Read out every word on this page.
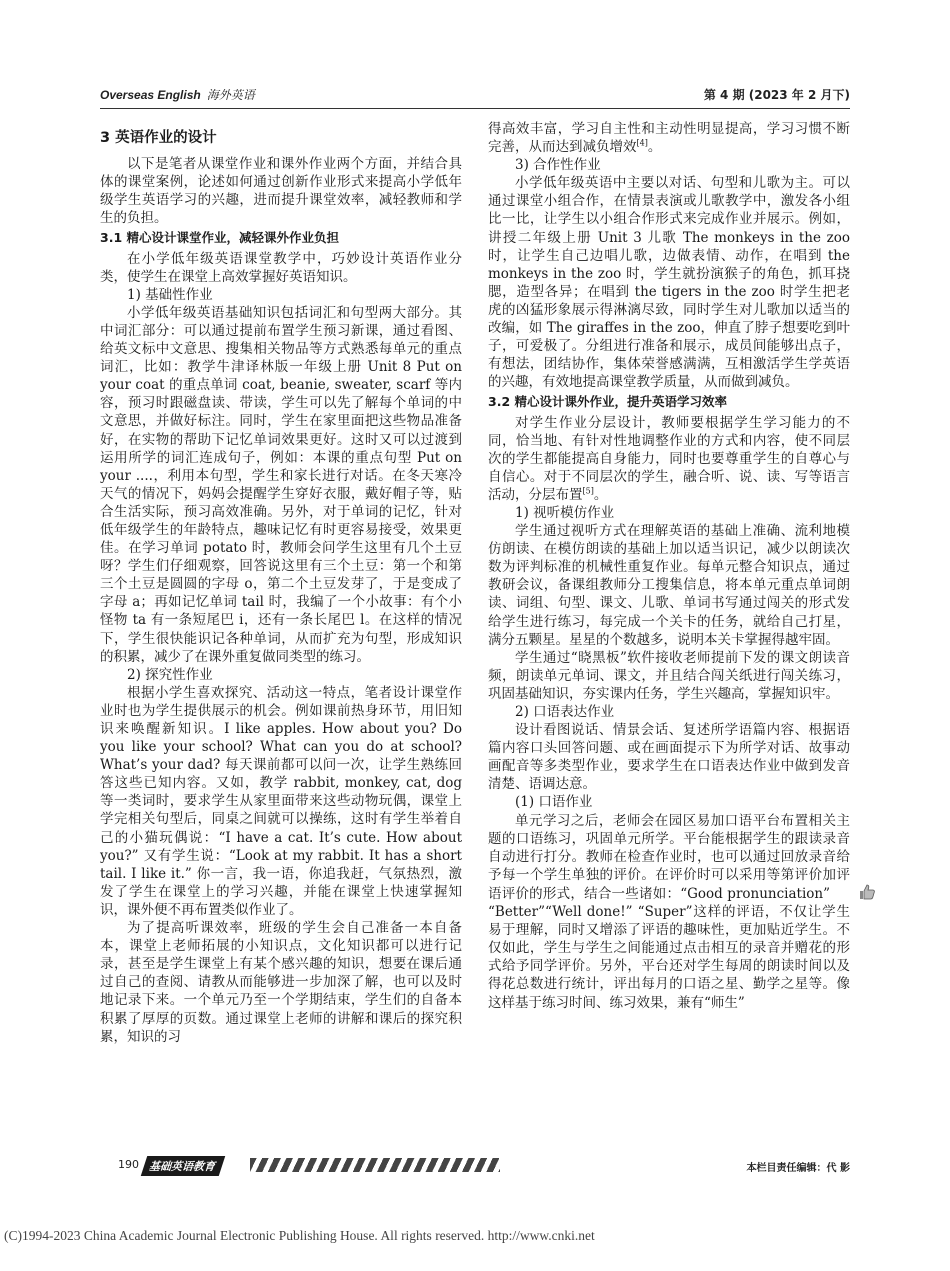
Overseas English 海外英语	第 4 期 (2023 年 2 月下)

3 英语作业的设计

以下是笔者从课堂作业和课外作业两个方面，并结合具体的课堂案例，论述如何通过创新作业形式来提高小学低年级学生英语学习的兴趣，进而提升课堂效率，减轻教师和学生的负担。

3.1 精心设计课堂作业，减轻课外作业负担

在小学低年级英语课堂教学中，巧妙设计英语作业分类，使学生在课堂上高效掌握好英语知识。

1) 基础性作业

小学低年级英语基础知识包括词汇和句型两大部分。其中词汇部分：可以通过提前布置学生预习新课，通过看图、给英文标中文意思、搜集相关物品等方式熟悉每单元的重点词汇，比如：教学牛津译林版一年级上册 Unit 8 Put on your coat 的重点单词 coat, beanie, sweater, scarf 等内容，预习时跟磁盘读、带读，学生可以先了解每个单词的中文意思，并做好标注。同时，学生在家里面把这些物品准备好，在实物的帮助下记忆单词效果更好。这时又可以过渡到运用所学的词汇连成句子，例如：本课的重点句型 Put on your ....，利用本句型，学生和家长进行对话。在冬天寒冷天气的情况下，妈妈会提醒学生穿好衣服，戴好帽子等，贴合生活实际，预习高效准确。另外，对于单词的记忆，针对低年级学生的年龄特点，趣味记忆有时更容易接受，效果更佳。在学习单词 potato 时，教师会问学生这里有几个土豆呀？学生们仔细观察，回答说这里有三个土豆：第一个和第三个土豆是圆圆的字母 o，第二个土豆发芽了，于是变成了字母 a；再如记忆单词 tail 时，我编了一个小故事：有个小怪物 ta 有一条短尾巴 i，还有一条长尾巴 l。在这样的情况下，学生很快能识记各种单词，从而扩充为句型，形成知识的积累，减少了在课外重复做同类型的练习。

2) 探究性作业

根据小学生喜欢探究、活动这一特点，笔者设计课堂作业时也为学生提供展示的机会。例如课前热身环节，用旧知识来唤醒新知识。I like apples. How about you? Do you like your school? What can you do at school? What’s your dad? 每天课前都可以问一次，让学生熟练回答这些已知内容。又如，教学 rabbit, monkey, cat, dog 等一类词时，要求学生从家里面带来这些动物玩偶，课堂上学完相关句型后，同桌之间就可以操练，这时有学生举着自己的小猫玩偶说：“I have a cat. It’s cute. How about you?” 又有学生说：“Look at my rabbit. It has a short tail. I like it.” 你一言，我一语，你追我赶，气氛热烈，激发了学生在课堂上的学习兴趣，并能在课堂上快速掌握知识，课外便不再布置类似作业了。

为了提高听课效率，班级的学生会自己准备一本自备本，课堂上老师拓展的小知识点，文化知识都可以进行记录，甚至是学生课堂上有某个感兴趣的知识，想要在课后通过自己的查阅、请教从而能够进一步加深了解，也可以及时地记录下来。一个单元乃至一个学期结束，学生们的自备本积累了厚厚的页数。通过课堂上老师的讲解和课后的探究积累，知识的习

得高效丰富，学习自主性和主动性明显提高，学习习惯不断完善，从而达到减负增效[4]。

3) 合作性作业

小学低年级英语中主要以对话、句型和儿歌为主。可以通过课堂小组合作，在情景表演或儿歌教学中，激发各小组比一比，让学生以小组合作形式来完成作业并展示。例如，讲授二年级上册 Unit 3 儿歌 The monkeys in the zoo 时，让学生自己边唱儿歌，边做表情、动作，在唱到 the monkeys in the zoo 时，学生就扮演猴子的角色，抓耳挠腮，造型各异；在唱到 the tigers in the zoo 时学生把老虎的凶猛形象展示得淋漓尽致，同时学生对儿歌加以适当的改编，如 The giraffes in the zoo，伸直了脖子想要吃到叶子，可爱极了。分组进行准备和展示，成员间能够出点子，有想法，团结协作，集体荣誉感满满，互相激活学生学英语的兴趣，有效地提高课堂教学质量，从而做到减负。

3.2 精心设计课外作业，提升英语学习效率

对学生作业分层设计，教师要根据学生学习能力的不同，恰当地、有针对性地调整作业的方式和内容，使不同层次的学生都能提高自身能力，同时也要尊重学生的自尊心与自信心。对于不同层次的学生，融合听、说、读、写等语言活动，分层布置[5]。

1) 视听模仿作业

学生通过视听方式在理解英语的基础上准确、流利地模仿朗读、在模仿朗读的基础上加以适当识记，减少以朗读次数为评判标准的机械性重复作业。每单元整合知识点，通过教研会议，备课组教师分工搜集信息，将本单元重点单词朗读、词组、句型、课文、儿歌、单词书写通过闯关的形式发给学生进行练习，每完成一个关卡的任务，就给自己打星，满分五颗星。星星的个数越多，说明本关卡掌握得越牢固。

学生通过“晓黑板”软件接收老师提前下发的课文朗读音频，朗读单元单词、课文，并且结合闯关纸进行闯关练习，巩固基础知识，夯实课内任务，学生兴趣高，掌握知识牢。

2) 口语表达作业

设计看图说话、情景会话、复述所学语篇内容、根据语篇内容口头回答问题、或在画面提示下为所学对话、故事动画配音等多类型作业，要求学生在口语表达作业中做到发音清楚、语调达意。

(1) 口语作业

单元学习之后，老师会在园区易加口语平台布置相关主题的口语练习，巩固单元所学。平台能根据学生的跟读录音自动进行打分。教师在检查作业时，也可以通过回放录音给予每一个学生单独的评价。在评价时可以采用等第评价加评语评价的形式，结合一些诸如：“Good pronunciation”“Better”“Well done!” “Super”这样的评语，不仅让学生易于理解，同时又增添了评语的趣味性，更加贴近学生。不仅如此，学生与学生之间能通过点击相互的录音并赠花的形式给予同学评价。另外，平台还对学生每周的朗读时间以及得花总数进行统计，评出每月的口语之星、勤学之星等。像这样基于练习时间、练习效果，兼有“师生”

190 基础英语教育	本栏目责任编辑：代 影
(C)1994-2023 China Academic Journal Electronic Publishing House. All rights reserved. http://www.cnki.net
